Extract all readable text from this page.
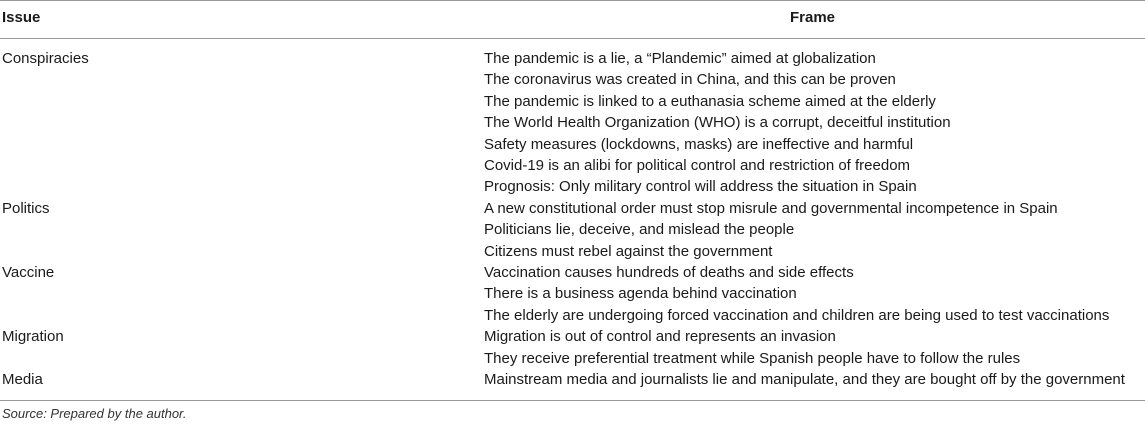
Issue	Frame
Conspiracies	The pandemic is a lie, a “Plandemic” aimed at globalization
The coronavirus was created in China, and this can be proven
The pandemic is linked to a euthanasia scheme aimed at the elderly
The World Health Organization (WHO) is a corrupt, deceitful institution
Safety measures (lockdowns, masks) are ineffective and harmful
Covid-19 is an alibi for political control and restriction of freedom
Prognosis: Only military control will address the situation in Spain
Politics	A new constitutional order must stop misrule and governmental incompetence in Spain
Politicians lie, deceive, and mislead the people
Citizens must rebel against the government
Vaccine	Vaccination causes hundreds of deaths and side effects
There is a business agenda behind vaccination
The elderly are undergoing forced vaccination and children are being used to test vaccinations
Migration	Migration is out of control and represents an invasion
They receive preferential treatment while Spanish people have to follow the rules
Media	Mainstream media and journalists lie and manipulate, and they are bought off by the government
Source: Prepared by the author.
